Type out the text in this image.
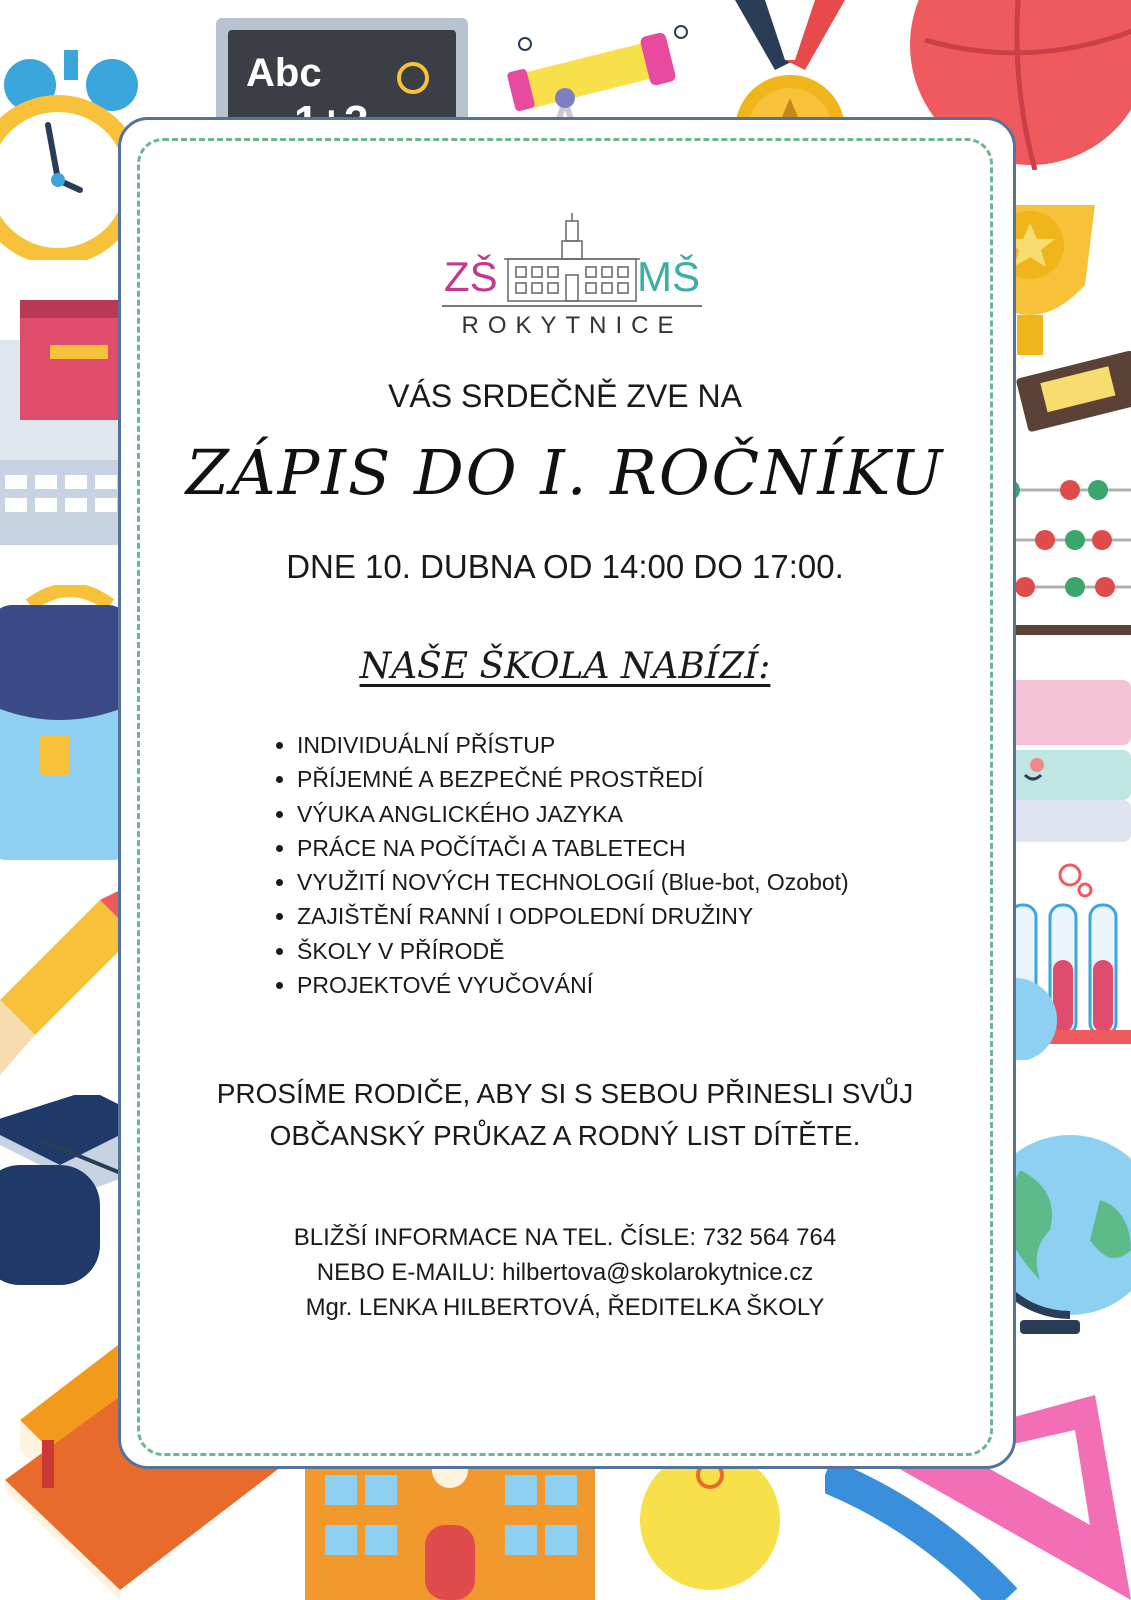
Abc
ZŠ	MŠ
ROKYTNICE
VÁS SRDEČNĚ ZVE NA
ZÁPIS DO I. ROČNÍKU
DNE 10. DUBNA OD 14:00 DO 17:00.
NAŠE ŠKOLA NABÍZÍ:
• INDIVIDUÁLNÍ PŘÍSTUP
• PŘÍJEMNÉ A BEZPEČNÉ PROSTŘEDÍ
• VÝUKA ANGLICKÉHO JAZYKA
• PRÁCE NA POČÍTAČI A TABLETECH
• VYUŽITÍ NOVÝCH TECHNOLOGIÍ (Blue-bot, Ozobot)
• ZAJIŠTĚNÍ RANNÍ I ODPOLEDNÍ DRUŽINY
• ŠKOLY V PŘÍRODĚ
• PROJEKTOVÉ VYUČOVÁNÍ
PROSÍME RODIČE, ABY SI S SEBOU PŘINESLI SVŮJ
OBČANSKÝ PRŮKAZ A RODNÝ LIST DÍTĚTE.
BLIŽŠÍ INFORMACE NA TEL. ČÍSLE: 732 564 764
NEBO E-MAILU: hilbertova@skolarokytnice.cz
Mgr. LENKA HILBERTOVÁ, ŘEDITELKA ŠKOLY
